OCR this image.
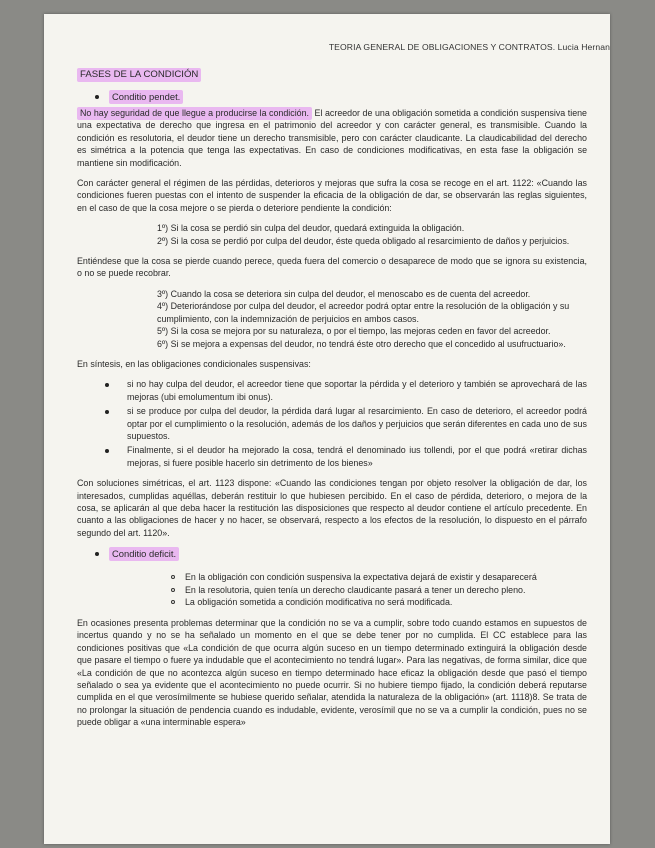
TEORIA GENERAL DE OBLIGACIONES Y CONTRATOS. Lucia Hernan
FASES DE LA CONDICIÓN
Conditio pendet.

No hay seguridad de que llegue a producirse la condición. El acreedor de una obligación sometida a condición suspensiva tiene una expectativa de derecho que ingresa en el patrimonio del acreedor y con carácter general, es transmisible. Cuando la condición es resolutoria, el deudor tiene un derecho transmisible, pero con carácter claudicante. La claudicabilidad del derecho es simétrica a la potencia que tenga las expectativas. En caso de condiciones modificativas, en esta fase la obligación se mantiene sin modificación.

Con carácter general el régimen de las pérdidas, deterioros y mejoras que sufra la cosa se recoge en el art. 1122: «Cuando las condiciones fueren puestas con el intento de suspender la eficacia de la obligación de dar, se observarán las reglas siguientes, en el caso de que la cosa mejore o se pierda o deteriore pendiente la condición:

1º) Si la cosa se perdió sin culpa del deudor, quedará extinguida la obligación.
2º) Si la cosa se perdió por culpa del deudor, éste queda obligado al resarcimiento de daños y perjuicios.

Entiéndese que la cosa se pierde cuando perece, queda fuera del comercio o desaparece de modo que se ignora su existencia, o no se puede recobrar.

3º) Cuando la cosa se deteriora sin culpa del deudor, el menoscabo es de cuenta del acreedor.
4º) Deteriorándose por culpa del deudor, el acreedor podrá optar entre la resolución de la obligación y su cumplimiento, con la indemnización de perjuicios en ambos casos.
5º) Si la cosa se mejora por su naturaleza, o por el tiempo, las mejoras ceden en favor del acreedor.
6º) Si se mejora a expensas del deudor, no tendrá éste otro derecho que el concedido al usufructuario».

En síntesis, en las obligaciones condicionales suspensivas:

si no hay culpa del deudor, el acreedor tiene que soportar la pérdida y el deterioro y también se aprovechará de las mejoras (ubi emolumentum ibi onus).
si se produce por culpa del deudor, la pérdida dará lugar al resarcimiento. En caso de deterioro, el acreedor podrá optar por el cumplimiento o la resolución, además de los daños y perjuicios que serán diferentes en cada uno de sus supuestos.
Finalmente, si el deudor ha mejorado la cosa, tendrá el denominado ius tollendi, por el que podrá «retirar dichas mejoras, si fuere posible hacerlo sin detrimento de los bienes»

Con soluciones simétricas, el art. 1123 dispone: «Cuando las condiciones tengan por objeto resolver la obligación de dar, los interesados, cumplidas aquéllas, deberán restituir lo que hubiesen percibido. En el caso de pérdida, deterioro, o mejora de la cosa, se aplicarán al que deba hacer la restitución las disposiciones que respecto al deudor contiene el artículo precedente. En cuanto a las obligaciones de hacer y no hacer, se observará, respecto a los efectos de la resolución, lo dispuesto en el párrafo segundo del art. 1120».

Conditio deficit.
En la obligación con condición suspensiva la expectativa dejará de existir y desaparecerá
En la resolutoria, quien tenía un derecho claudicante pasará a tener un derecho pleno.
La obligación sometida a condición modificativa no será modificada.

En ocasiones presenta problemas determinar que la condición no se va a cumplir, sobre todo cuando estamos en supuestos de incertus quando y no se ha señalado un momento en el que se debe tener por no cumplida. El CC establece para las condiciones positivas que «La condición de que ocurra algún suceso en un tiempo determinado extinguirá la obligación desde que pasare el tiempo o fuere ya indudable que el acontecimiento no tendrá lugar». Para las negativas, de forma similar, dice que «La condición de que no acontezca algún suceso en tiempo determinado hace eficaz la obligación desde que pasó el tiempo señalado o sea ya evidente que el acontecimiento no puede ocurrir. Si no hubiere tiempo fijado, la condición deberá reputarse cumplida en el que verosímilmente se hubiese querido señalar, atendida la naturaleza de la obligación» (art. 1118)8. Se trata de no prolongar la situación de pendencia cuando es indudable, evidente, verosímil que no se va a cumplir la condición, pues no se puede obligar a «una interminable espera»
